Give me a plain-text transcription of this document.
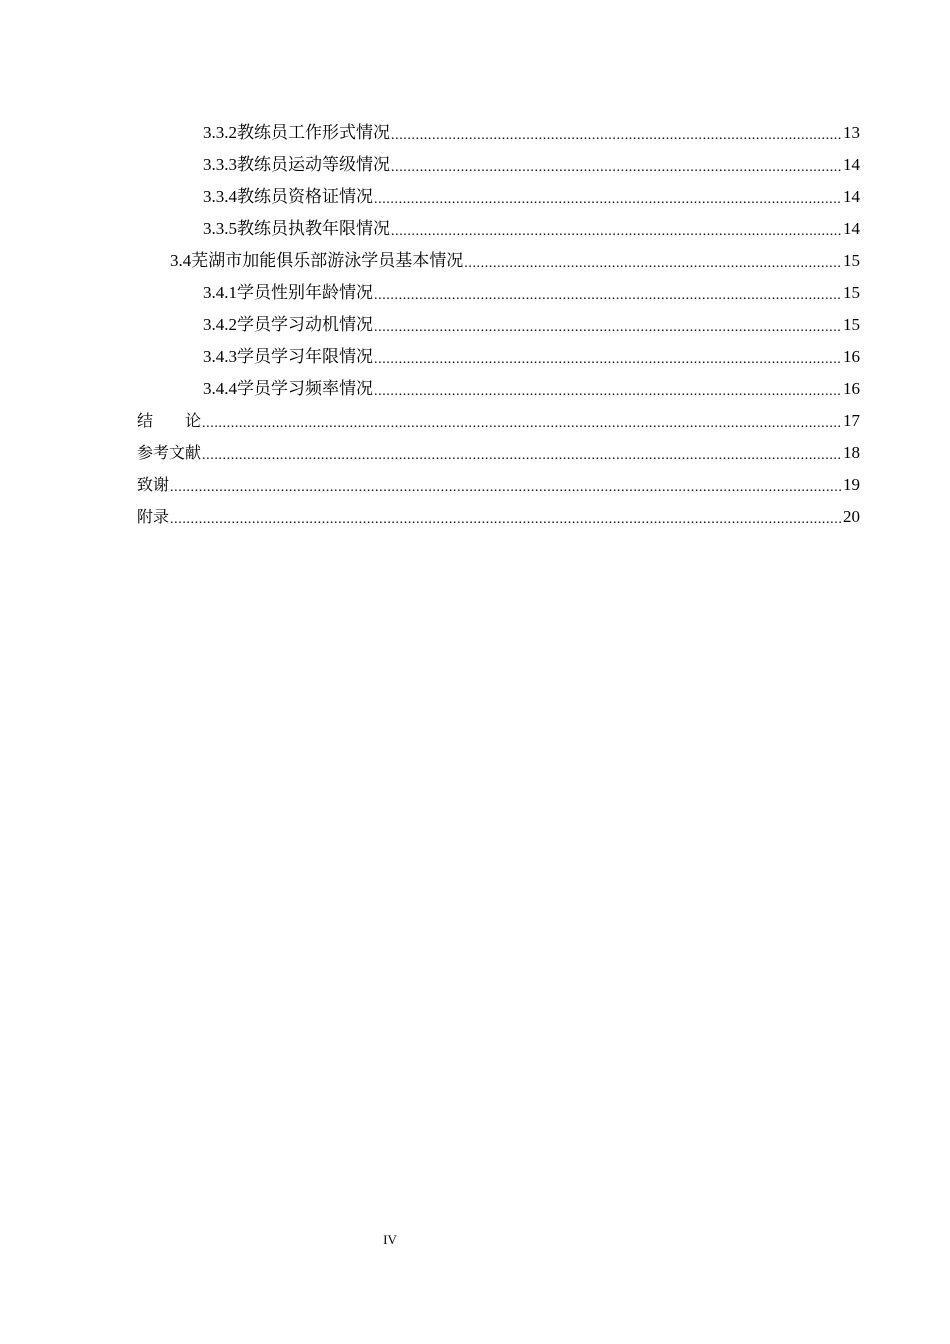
3.3.2 教练员工作形式情况 .....	13
3.3.3 教练员运动等级情况 .....	14
3.3.4 教练员资格证情况 .....	14
3.3.5 教练员执教年限情况 .....	14
3.4 芜湖市加能俱乐部游泳学员基本情况 .....	15
3.4.1 学员性别年龄情况 .....	15
3.4.2 学员学习动机情况 .....	15
3.4.3 学员学习年限情况 .....	16
3.4.4 学员学习频率情况 .....	16
结　　论 .....	17
参考文献 .....	18
致谢 .....	19
附录 .....	20
IV
